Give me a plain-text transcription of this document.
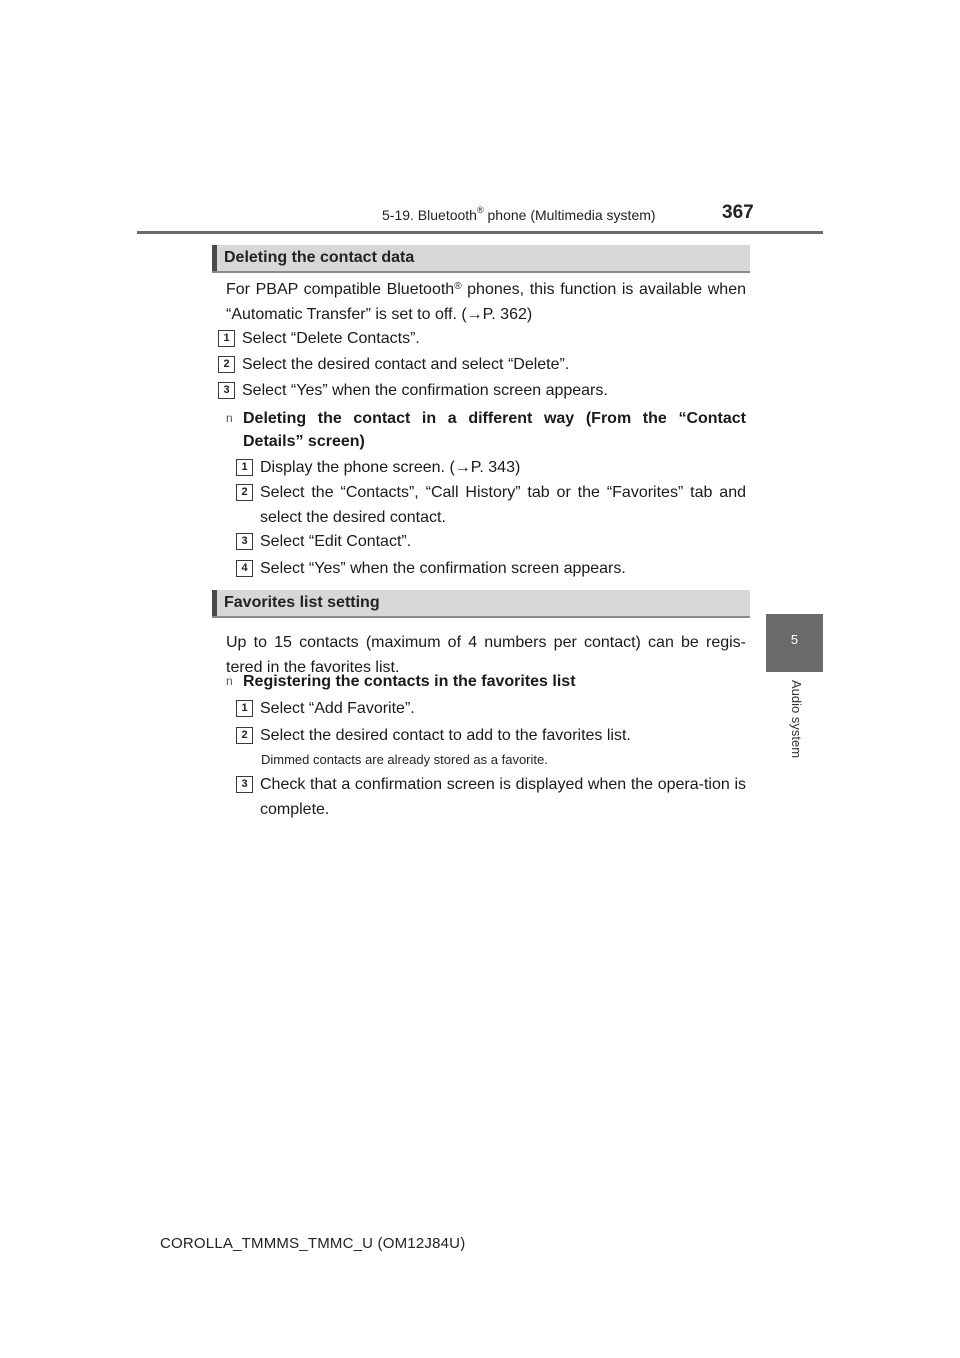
5-19. Bluetooth® phone (Multimedia system)	367
5
Audio system
Deleting the contact data
For PBAP compatible Bluetooth® phones, this function is available when “Automatic Transfer” is set to off. (→P. 362)
1 Select “Delete Contacts”.
2 Select the desired contact and select “Delete”.
3 Select “Yes” when the confirmation screen appears.
n Deleting the contact in a different way (From the “Contact Details” screen)
1 Display the phone screen. (→P. 343)
2 Select the “Contacts”, “Call History” tab or the “Favorites” tab and select the desired contact.
3 Select “Edit Contact”.
4 Select “Yes” when the confirmation screen appears.
Favorites list setting
Up to 15 contacts (maximum of 4 numbers per contact) can be regis-tered in the favorites list.
n Registering the contacts in the favorites list
1 Select “Add Favorite”.
2 Select the desired contact to add to the favorites list.
Dimmed contacts are already stored as a favorite.
3 Check that a confirmation screen is displayed when the opera-tion is complete.
COROLLA_TMMMS_TMMC_U (OM12J84U)
